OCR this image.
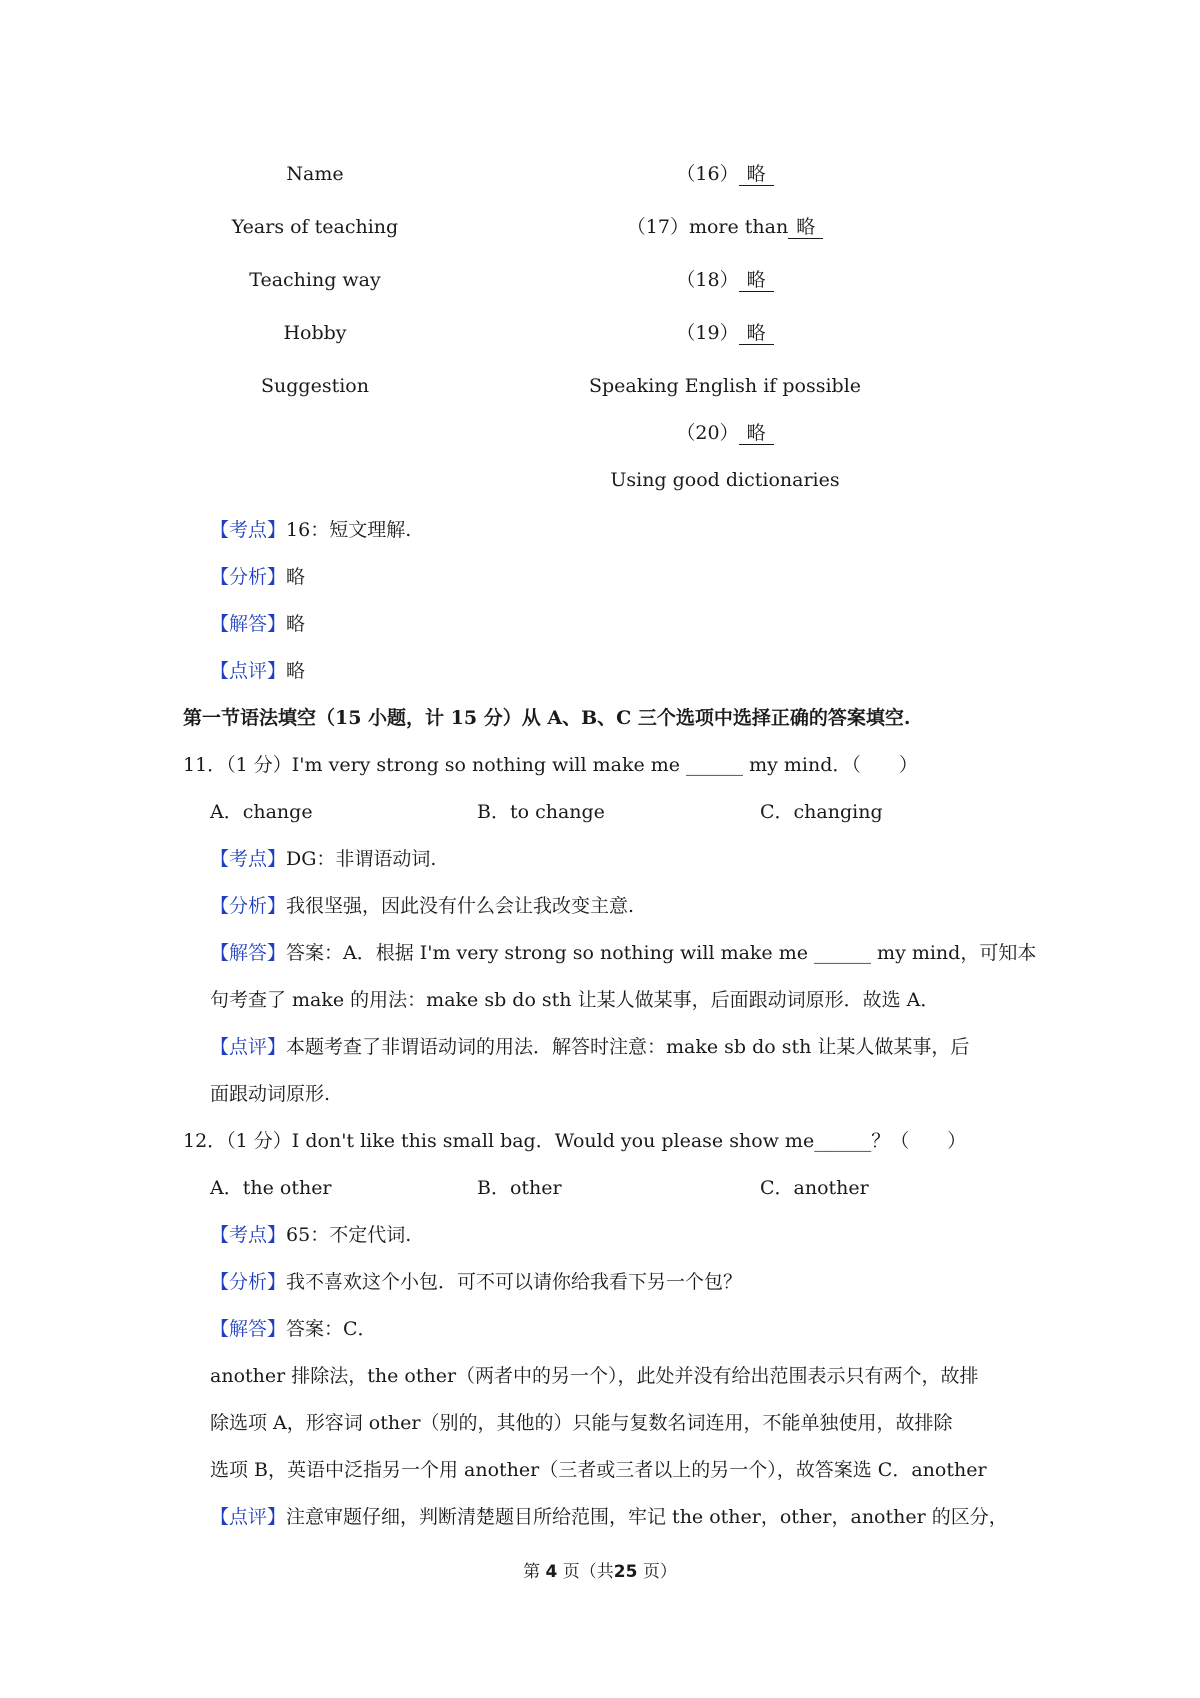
Name	（16） 略
Years of teaching	（17）more than 略
Teaching way	（18） 略
Hobby	（19） 略
Suggestion	Speaking English if possible
（20） 略
Using good dictionaries
【考点】16：短文理解.
【分析】略
【解答】略
【点评】略
第一节语法填空（15 小题，计 15 分）从 A、B、C 三个选项中选择正确的答案填空.
11．（1 分）I'm very strong so nothing will make me ______ my mind．（　　）
A．change	B．to change	C．changing
【考点】DG：非谓语动词.
【分析】我很坚强，因此没有什么会让我改变主意.
【解答】答案：A．根据 I'm very strong so nothing will make me ______ my mind，可知本
句考查了 make 的用法：make sb do sth 让某人做某事，后面跟动词原形．故选 A．
【点评】本题考查了非谓语动词的用法．解答时注意：make sb do sth 让某人做某事，后
面跟动词原形.
12．（1 分）I don't like this small bag．Would you please show me______？（　　）
A．the other	B．other	C．another
【考点】65：不定代词.
【分析】我不喜欢这个小包．可不可以请你给我看下另一个包？
【解答】答案：C．
another 排除法，the other（两者中的另一个），此处并没有给出范围表示只有两个，故排
除选项 A，形容词 other（别的，其他的）只能与复数名词连用，不能单独使用，故排除
选项 B，英语中泛指另一个用 another（三者或三者以上的另一个），故答案选 C．another
【点评】注意审题仔细，判断清楚题目所给范围，牢记 the other，other，another 的区分，
第 4 页（共25 页）
